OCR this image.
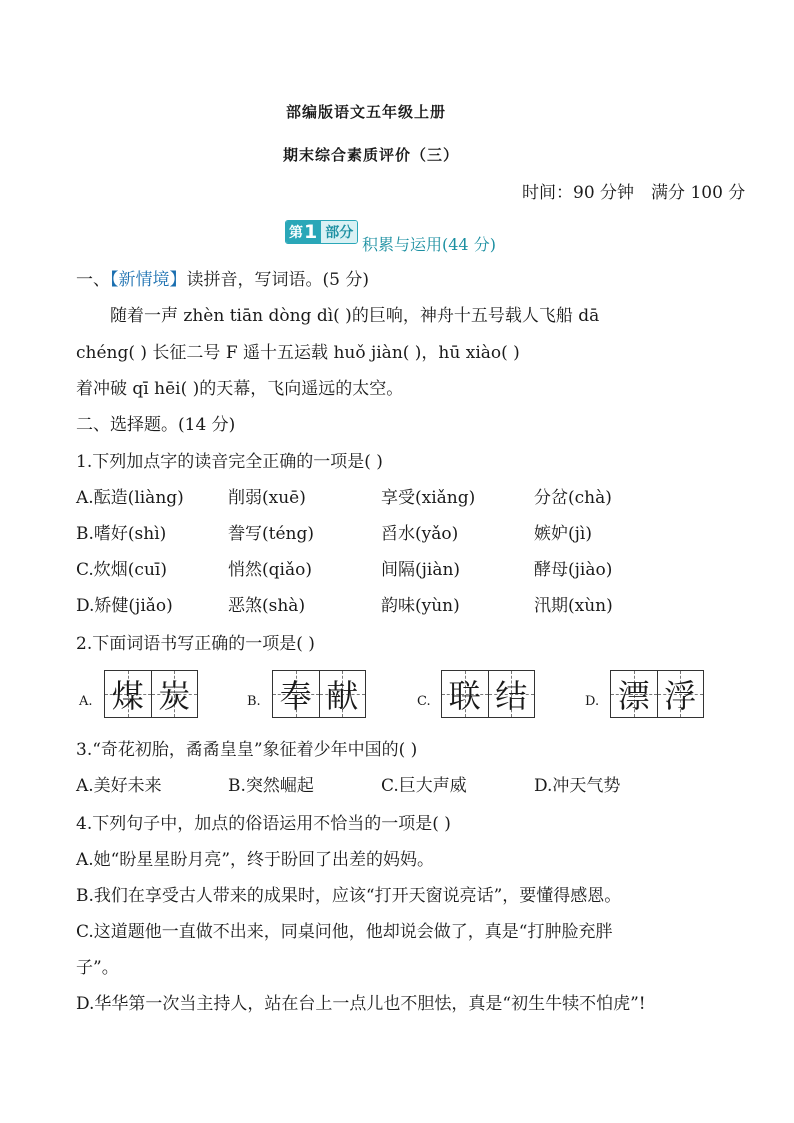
部编版语文五年级上册
期末综合素质评价（三）
时间：90 分钟　满分 100 分
第 1 部分
积累与运用(44 分)
一、【新情境】读拼音，写词语。(5 分)
随着一声 zhèn tiān dòng dì( )的巨响，神舟十五号载人飞船 dā
chéng( ) 长征二号 F 遥十五运载 huǒ jiàn( )，hū xiào( )
着冲破 qī hēi( )的天幕，飞向遥远的太空。
二、选择题。(14 分)
1.下列加点字的读音完全正确的一项是( )
A.酝造(liàng)	削弱(xuē)	享受(xiǎng)	分岔(chà)
B.嗜好(shì)	誊写(téng)	舀水(yǎo)	嫉妒(jì)
C.炊烟(cuī)	悄然(qiǎo)	间隔(jiàn)	酵母(jiào)
D.矫健(jiǎo)	恶煞(shà)	韵味(yùn)	汛期(xùn)
2.下面词语书写正确的一项是( )
A. 煤 炭	B. 奉 献	C. 联 结	D. 漂 浮
3.“奇花初胎，矞矞皇皇”象征着少年中国的( )
A.美好未来	B.突然崛起	C.巨大声威	D.冲天气势
4.下列句子中，加点的俗语运用不恰当的一项是( )
A.她“盼星星盼月亮”，终于盼回了出差的妈妈。
B.我们在享受古人带来的成果时，应该“打开天窗说亮话”，要懂得感恩。
C.这道题他一直做不出来，同桌问他，他却说会做了，真是“打肿脸充胖
子”。
D.华华第一次当主持人，站在台上一点儿也不胆怯，真是“初生牛犊不怕虎”!
